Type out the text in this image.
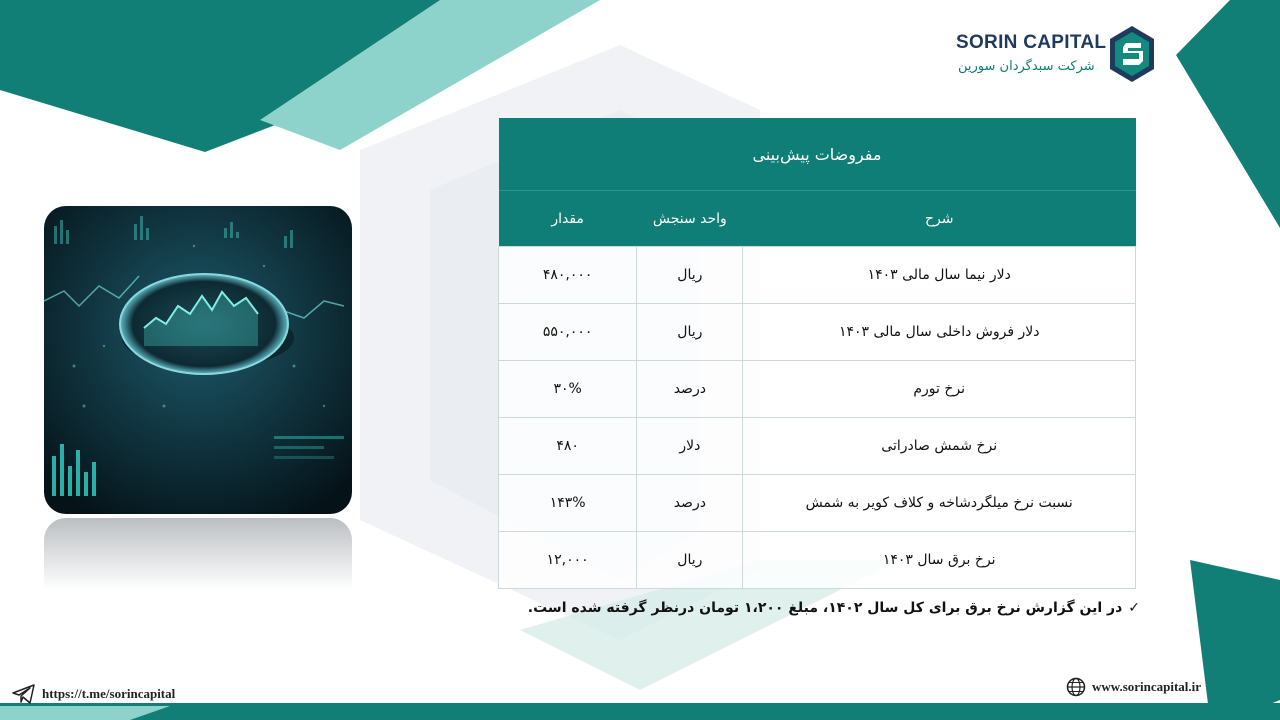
SORIN CAPITAL
شرکت سبدگردان سورین
مفروضات پیش‌بینی		
شرح	واحد سنجش	مقدار
دلار نیما سال مالی ۱۴۰۳	ریال	۴۸۰,۰۰۰
دلار فروش داخلی سال مالی ۱۴۰۳	ریال	۵۵۰,۰۰۰
نرخ تورم	درصد	۳۰%
نرخ شمش صادراتی	دلار	۴۸۰
نسبت نرخ میلگردشاخه و کلاف کویر به شمش	درصد	۱۴۳%
نرخ برق سال ۱۴۰۳	ریال	۱۲,۰۰۰
✓در این گزارش نرخ برق برای کل سال ۱۴۰۲، مبلغ ۱،۲۰۰ تومان درنظر گرفته شده است.
https://t.me/sorincapital	www.sorincapital.ir
